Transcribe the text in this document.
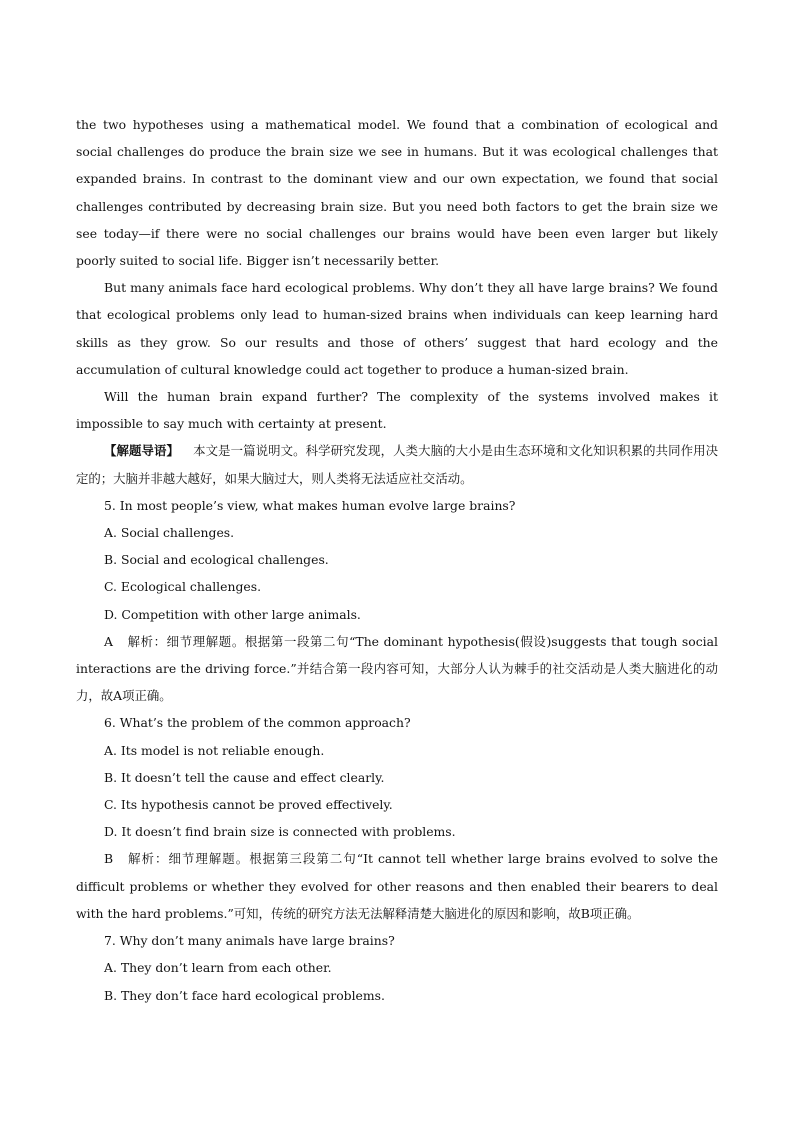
the two hypotheses using a mathematical model. We found that a combination of ecological and social challenges do produce the brain size we see in humans. But it was ecological challenges that expanded brains. In contrast to the dominant view and our own expectation, we found that social challenges contributed by decreasing brain size. But you need both factors to get the brain size we see today—if there were no social challenges our brains would have been even larger but likely poorly suited to social life. Bigger isn’t necessarily better.

But many animals face hard ecological problems. Why don’t they all have large brains? We found that ecological problems only lead to human-sized brains when individuals can keep learning hard skills as they grow. So our results and those of others’ suggest that hard ecology and the accumulation of cultural knowledge could act together to produce a human-sized brain.

Will the human brain expand further? The complexity of the systems involved makes it impossible to say much with certainty at present.

【解题导语】 本文是一篇说明文。科学研究发现，人类大脑的大小是由生态环境和文化知识积累的共同作用决定的；大脑并非越大越好，如果大脑过大，则人类将无法适应社交活动。

5. In most people’s view, what makes human evolve large brains?

A. Social challenges.

B. Social and ecological challenges.

C. Ecological challenges.

D. Competition with other large animals.

A 解析：细节理解题。根据第一段第二句“The dominant hypothesis(假设)suggests that tough social interactions are the driving force.”并结合第一段内容可知，大部分人认为棘手的社交活动是人类大脑进化的动力，故A项正确。

6. What’s the problem of the common approach?

A. Its model is not reliable enough.

B. It doesn’t tell the cause and effect clearly.

C. Its hypothesis cannot be proved effectively.

D. It doesn’t find brain size is connected with problems.

B 解析：细节理解题。根据第三段第二句“It cannot tell whether large brains evolved to solve the difficult problems or whether they evolved for other reasons and then enabled their bearers to deal with the hard problems.”可知，传统的研究方法无法解释清楚大脑进化的原因和影响，故B项正确。

7. Why don’t many animals have large brains?

A. They don’t learn from each other.

B. They don’t face hard ecological problems.
